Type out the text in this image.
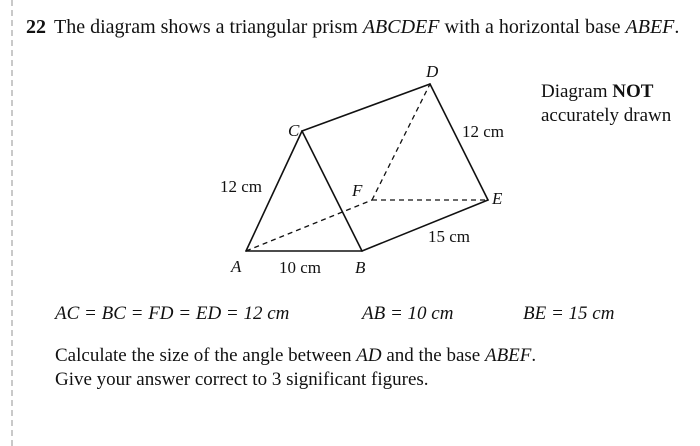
22 The diagram shows a triangular prism ABCDEF with a horizontal base ABEF.
A	B
C
D
E
F
12 cm
10 cm
15 cm
12 cm
Diagram NOT
accurately drawn
AC = BC = FD = ED = 12 cm	AB = 10 cm	BE = 15 cm
Calculate the size of the angle between AD and the base ABEF.
Give your answer correct to 3 significant figures.
